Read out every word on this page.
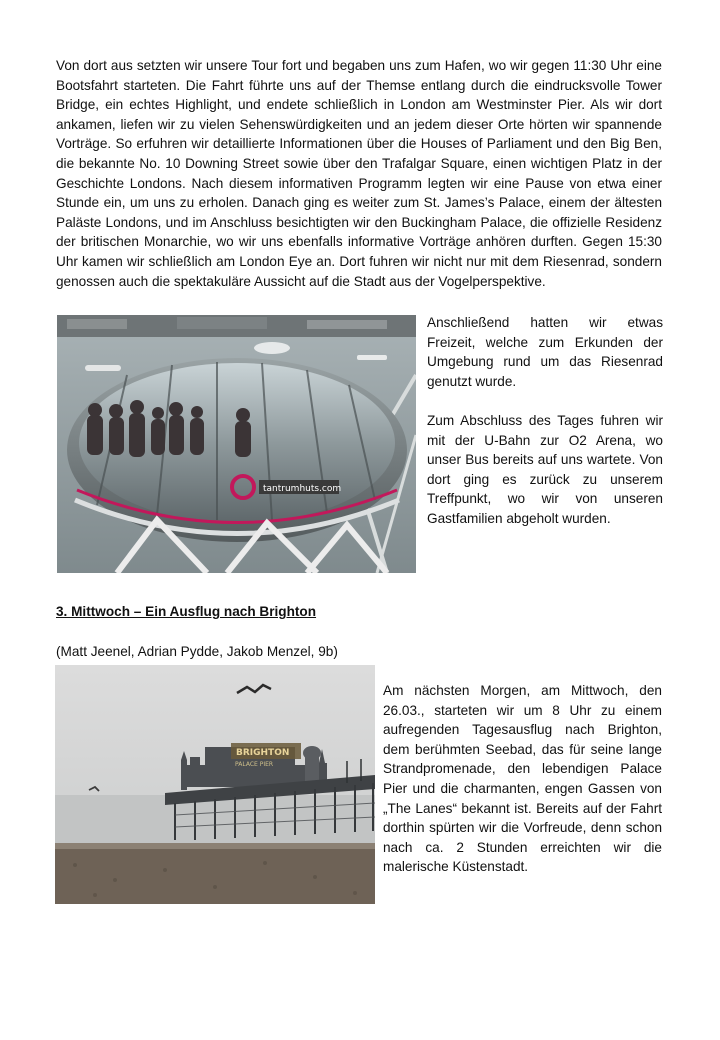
Von dort aus setzten wir unsere Tour fort und begaben uns zum Hafen, wo wir gegen 11:30 Uhr eine Bootsfahrt starteten. Die Fahrt führte uns auf der Themse entlang durch die eindrucksvolle Tower Bridge, ein echtes Highlight, und endete schließlich in London am Westminster Pier. Als wir dort ankamen, liefen wir zu vielen Sehenswürdigkeiten und an jedem dieser Orte hörten wir spannende Vorträge. So erfuhren wir detaillierte Informationen über die Houses of Parliament und den Big Ben, die bekannte No. 10 Downing Street sowie über den Trafalgar Square, einen wichtigen Platz in der Geschichte Londons. Nach diesem informativen Programm legten wir eine Pause von etwa einer Stunde ein, um uns zu erholen. Danach ging es weiter zum St. James’s Palace, einem der ältesten Paläste Londons, und im Anschluss besichtigten wir den Buckingham Palace, die offizielle Residenz der britischen Monarchie, wo wir uns ebenfalls informative Vorträge anhören durften. Gegen 15:30 Uhr kamen wir schließlich am London Eye an. Dort fuhren wir nicht nur mit dem Riesenrad, sondern genossen auch die spektakuläre Aussicht auf die Stadt aus der Vogelperspektive.

tantrumhuts.com

Anschließend hatten wir etwas Freizeit, welche zum Erkunden der Umgebung rund um das Riesenrad genutzt wurde.

Zum Abschluss des Tages fuhren wir mit der U-Bahn zur O2 Arena, wo unser Bus bereits auf uns wartete. Von dort ging es zurück zu unserem Treffpunkt, wo wir von unseren Gastfamilien abgeholt wurden.

3. Mittwoch – Ein Ausflug nach Brighton

(Matt Jeenel, Adrian Pydde, Jakob Menzel, 9b)

BRIGHTON
PALACE PIER

Am nächsten Morgen, am Mittwoch, den 26.03., starteten wir um 8 Uhr zu einem aufregenden Tagesausflug nach Brighton, dem berühmten Seebad, das für seine lange Strandpromenade, den lebendigen Palace Pier und die charmanten, engen Gassen von „The Lanes“ bekannt ist. Bereits auf der Fahrt dorthin spürten wir die Vorfreude, denn schon nach ca. 2 Stunden erreichten wir die malerische Küstenstadt.
